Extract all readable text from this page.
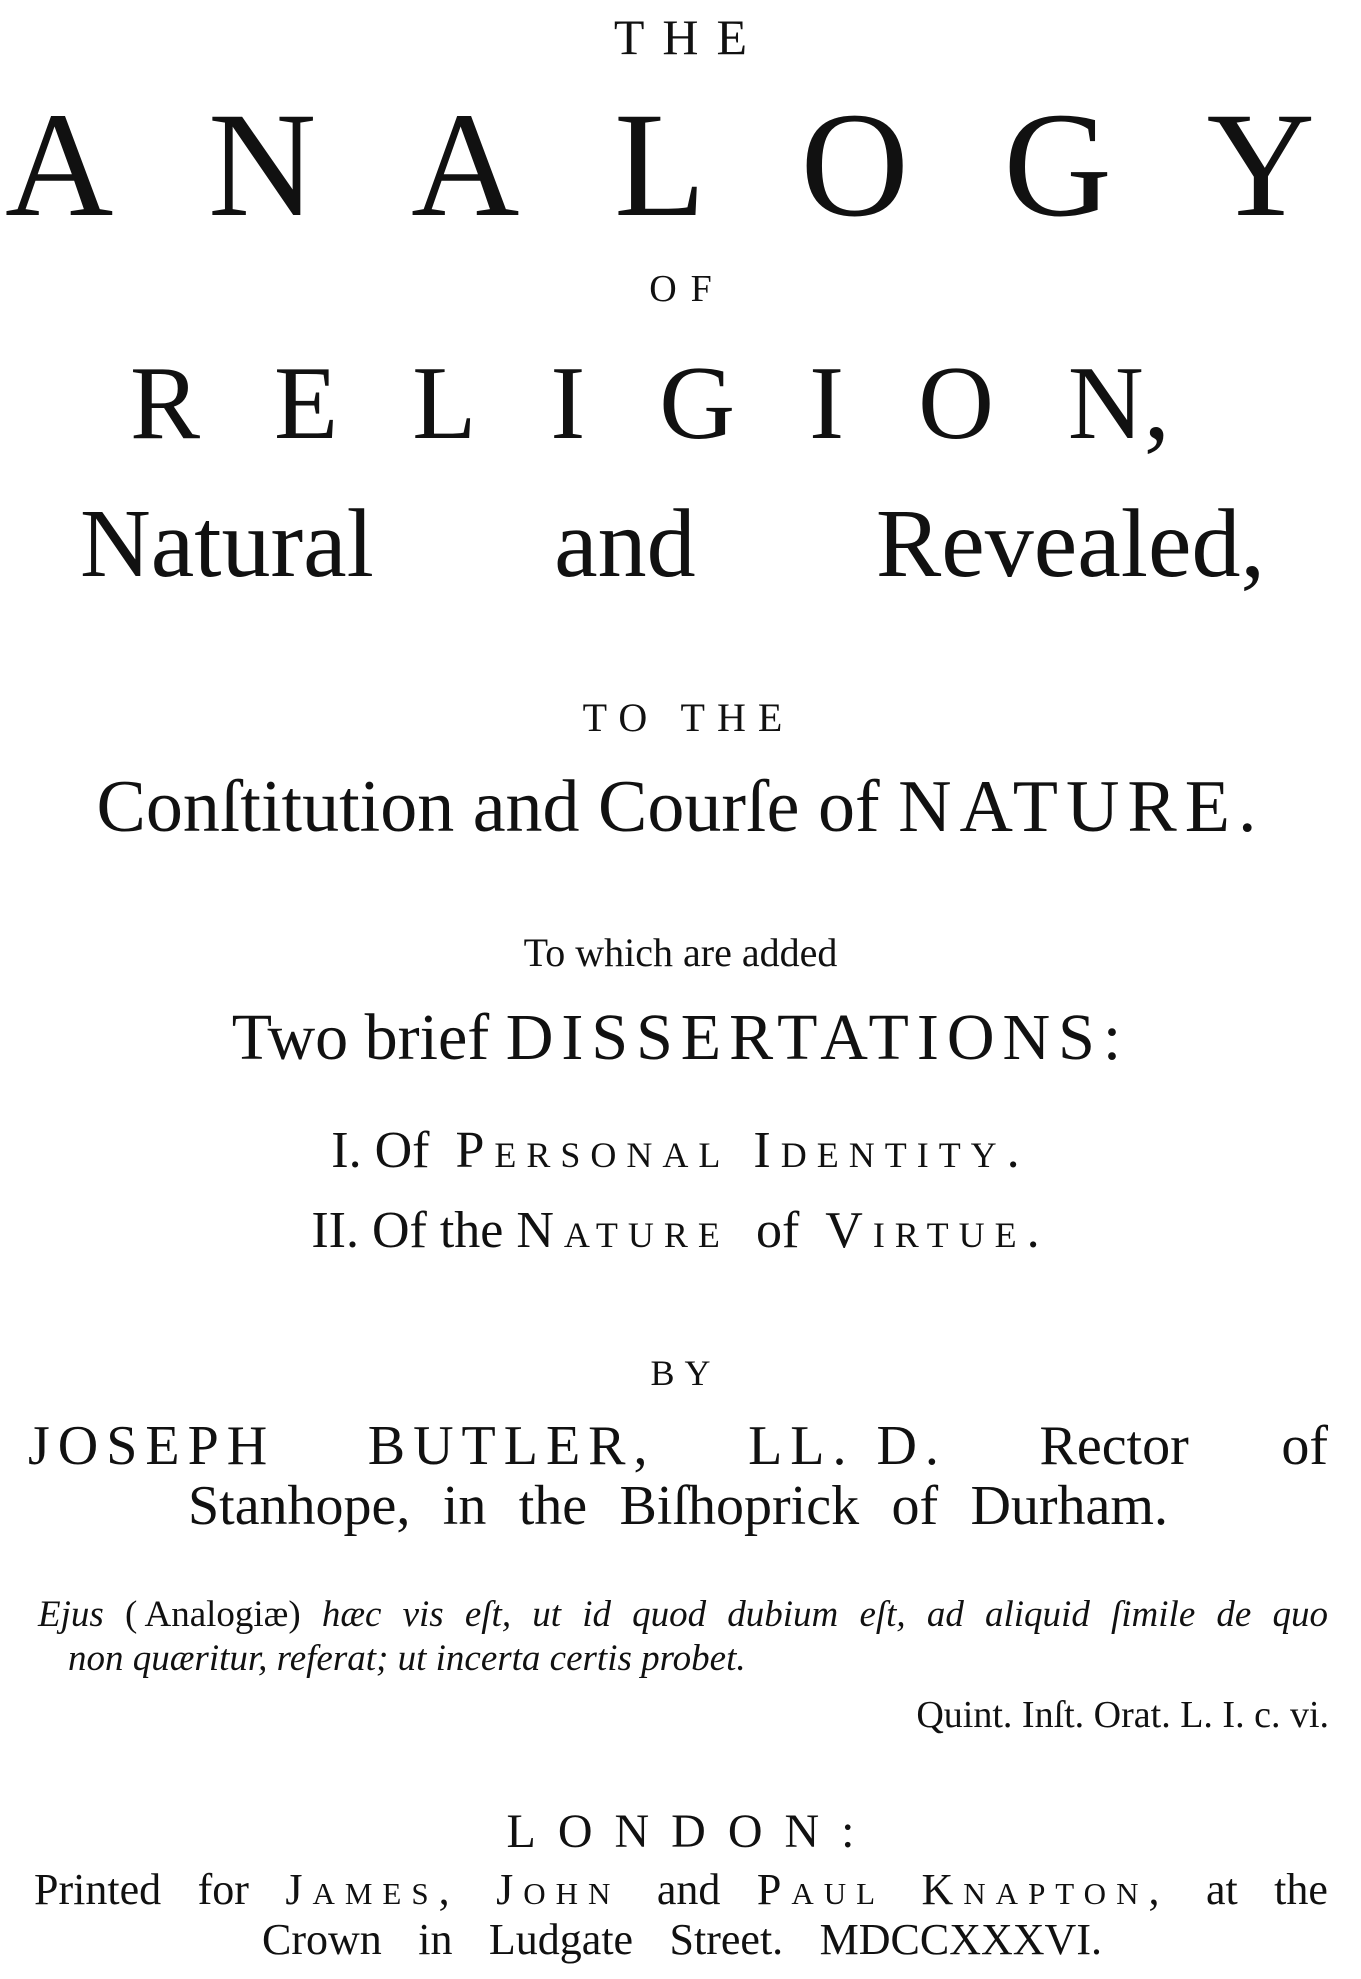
THE
A N A L O G Y
OF
R E L I G I O N,
Natural and Revealed,

TO THE

Conſtitution and Courſe of NATURE.
To which are added
Two brief DISSERTATIONS:
I. Of Personal Identity.
II. Of the Nature of Virtue.
BY
JOSEPH BUTLER, LL. D. Rector of
Stanhope, in the Biſhoprick of Durham.
Ejus ( Analogiæ) hæc vis eſt, ut id quod dubium eſt, ad aliquid ſimile de quo
non quæritur, referat; ut incerta certis probet.
Quint. Inſt. Orat. L. I. c. vi.
LONDON:
Printed for James, John and Paul Knapton, at the
Crown in Ludgate Street. MDCCXXXVI.
